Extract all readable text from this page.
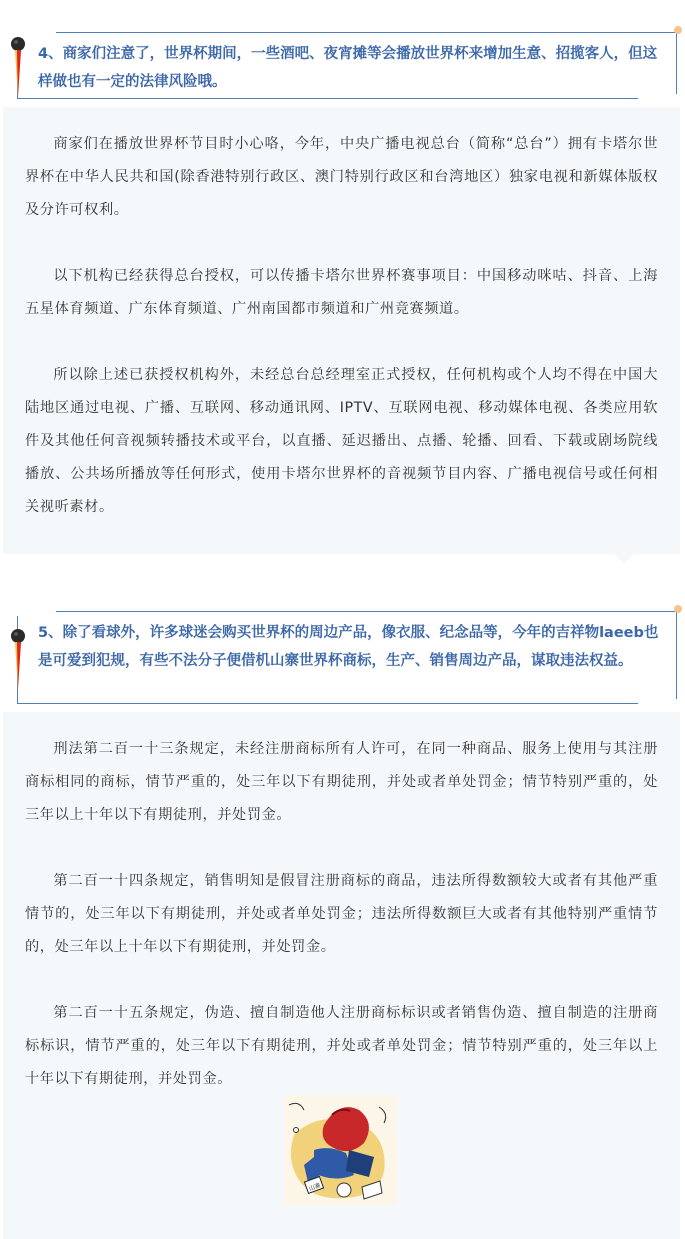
4、商家们注意了，世界杯期间，一些酒吧、夜宵摊等会播放世界杯来增加生意、招揽客人，但这样做也有一定的法律风险哦。

商家们在播放世界杯节目时小心咯，今年，中央广播电视总台（简称“总台”）拥有卡塔尔世界杯在中华人民共和国(除香港特别行政区、澳门特别行政区和台湾地区）独家电视和新媒体版权及分许可权利。

以下机构已经获得总台授权，可以传播卡塔尔世界杯赛事项目：中国移动咪咕、抖音、上海五星体育频道、广东体育频道、广州南国都市频道和广州竞赛频道。

所以除上述已获授权机构外，未经总台总经理室正式授权，任何机构或个人均不得在中国大陆地区通过电视、广播、互联网、移动通讯网、IPTV、互联网电视、移动媒体电视、各类应用软件及其他任何音视频转播技术或平台，以直播、延迟播出、点播、轮播、回看、下载或剧场院线播放、公共场所播放等任何形式，使用卡塔尔世界杯的音视频节目内容、广播电视信号或任何相关视听素材。

5、除了看球外，许多球迷会购买世界杯的周边产品，像衣服、纪念品等，今年的吉祥物laeeb也是可爱到犯规，有些不法分子便借机山寨世界杯商标，生产、销售周边产品，谋取违法权益。

刑法第二百一十三条规定，未经注册商标所有人许可，在同一种商品、服务上使用与其注册商标相同的商标，情节严重的，处三年以下有期徒刑，并处或者单处罚金；情节特别严重的，处三年以上十年以下有期徒刑，并处罚金。

第二百一十四条规定，销售明知是假冒注册商标的商品，违法所得数额较大或者有其他严重情节的，处三年以下有期徒刑，并处或者单处罚金；违法所得数额巨大或者有其他特别严重情节的，处三年以上十年以下有期徒刑，并处罚金。

第二百一十五条规定，伪造、擅自制造他人注册商标标识或者销售伪造、擅自制造的注册商标标识，情节严重的，处三年以下有期徒刑，并处或者单处罚金；情节特别严重的，处三年以上十年以下有期徒刑，并处罚金。

山寨
